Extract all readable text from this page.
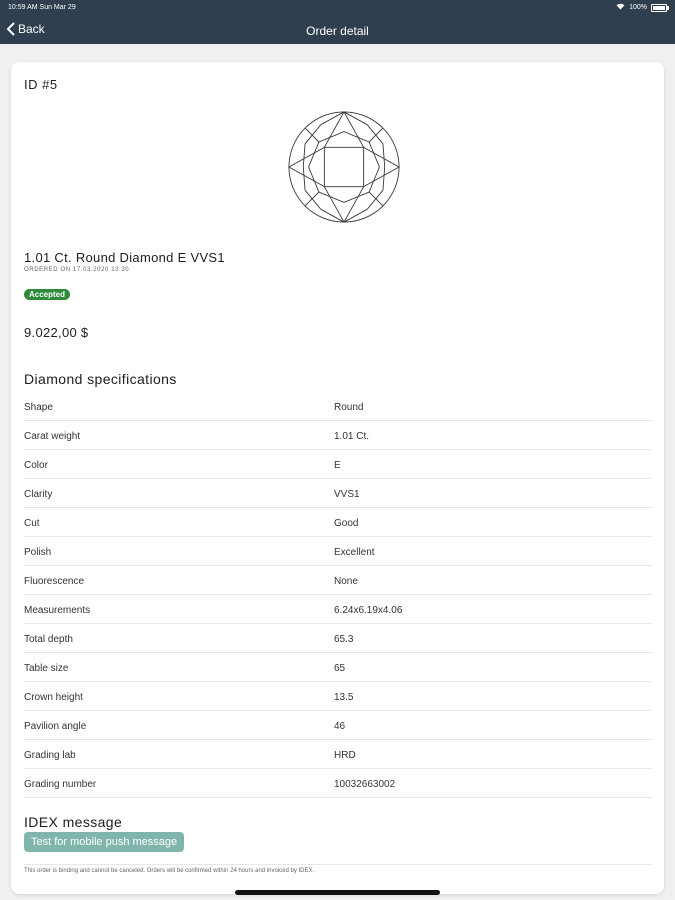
10:59 AM Sun Mar 29	100%
Back	Order detail
ID #5
1.01 Ct. Round Diamond E VVS1
ORDERED ON 17.03.2020 13:30
Accepted
9.022,00 $
Diamond specifications
Shape	Round
Carat weight	1.01 Ct.
Color	E
Clarity	VVS1
Cut	Good
Polish	Excellent
Fluorescence	None
Measurements	6.24x6.19x4.06
Total depth	65.3
Table size	65
Crown height	13.5
Pavilion angle	46
Grading lab	HRD
Grading number	10032663002
IDEX message
Test for mobile push message
This order is binding and cannot be canceled. Orders will be confirmed within 24 hours and invoiced by IDEX.
